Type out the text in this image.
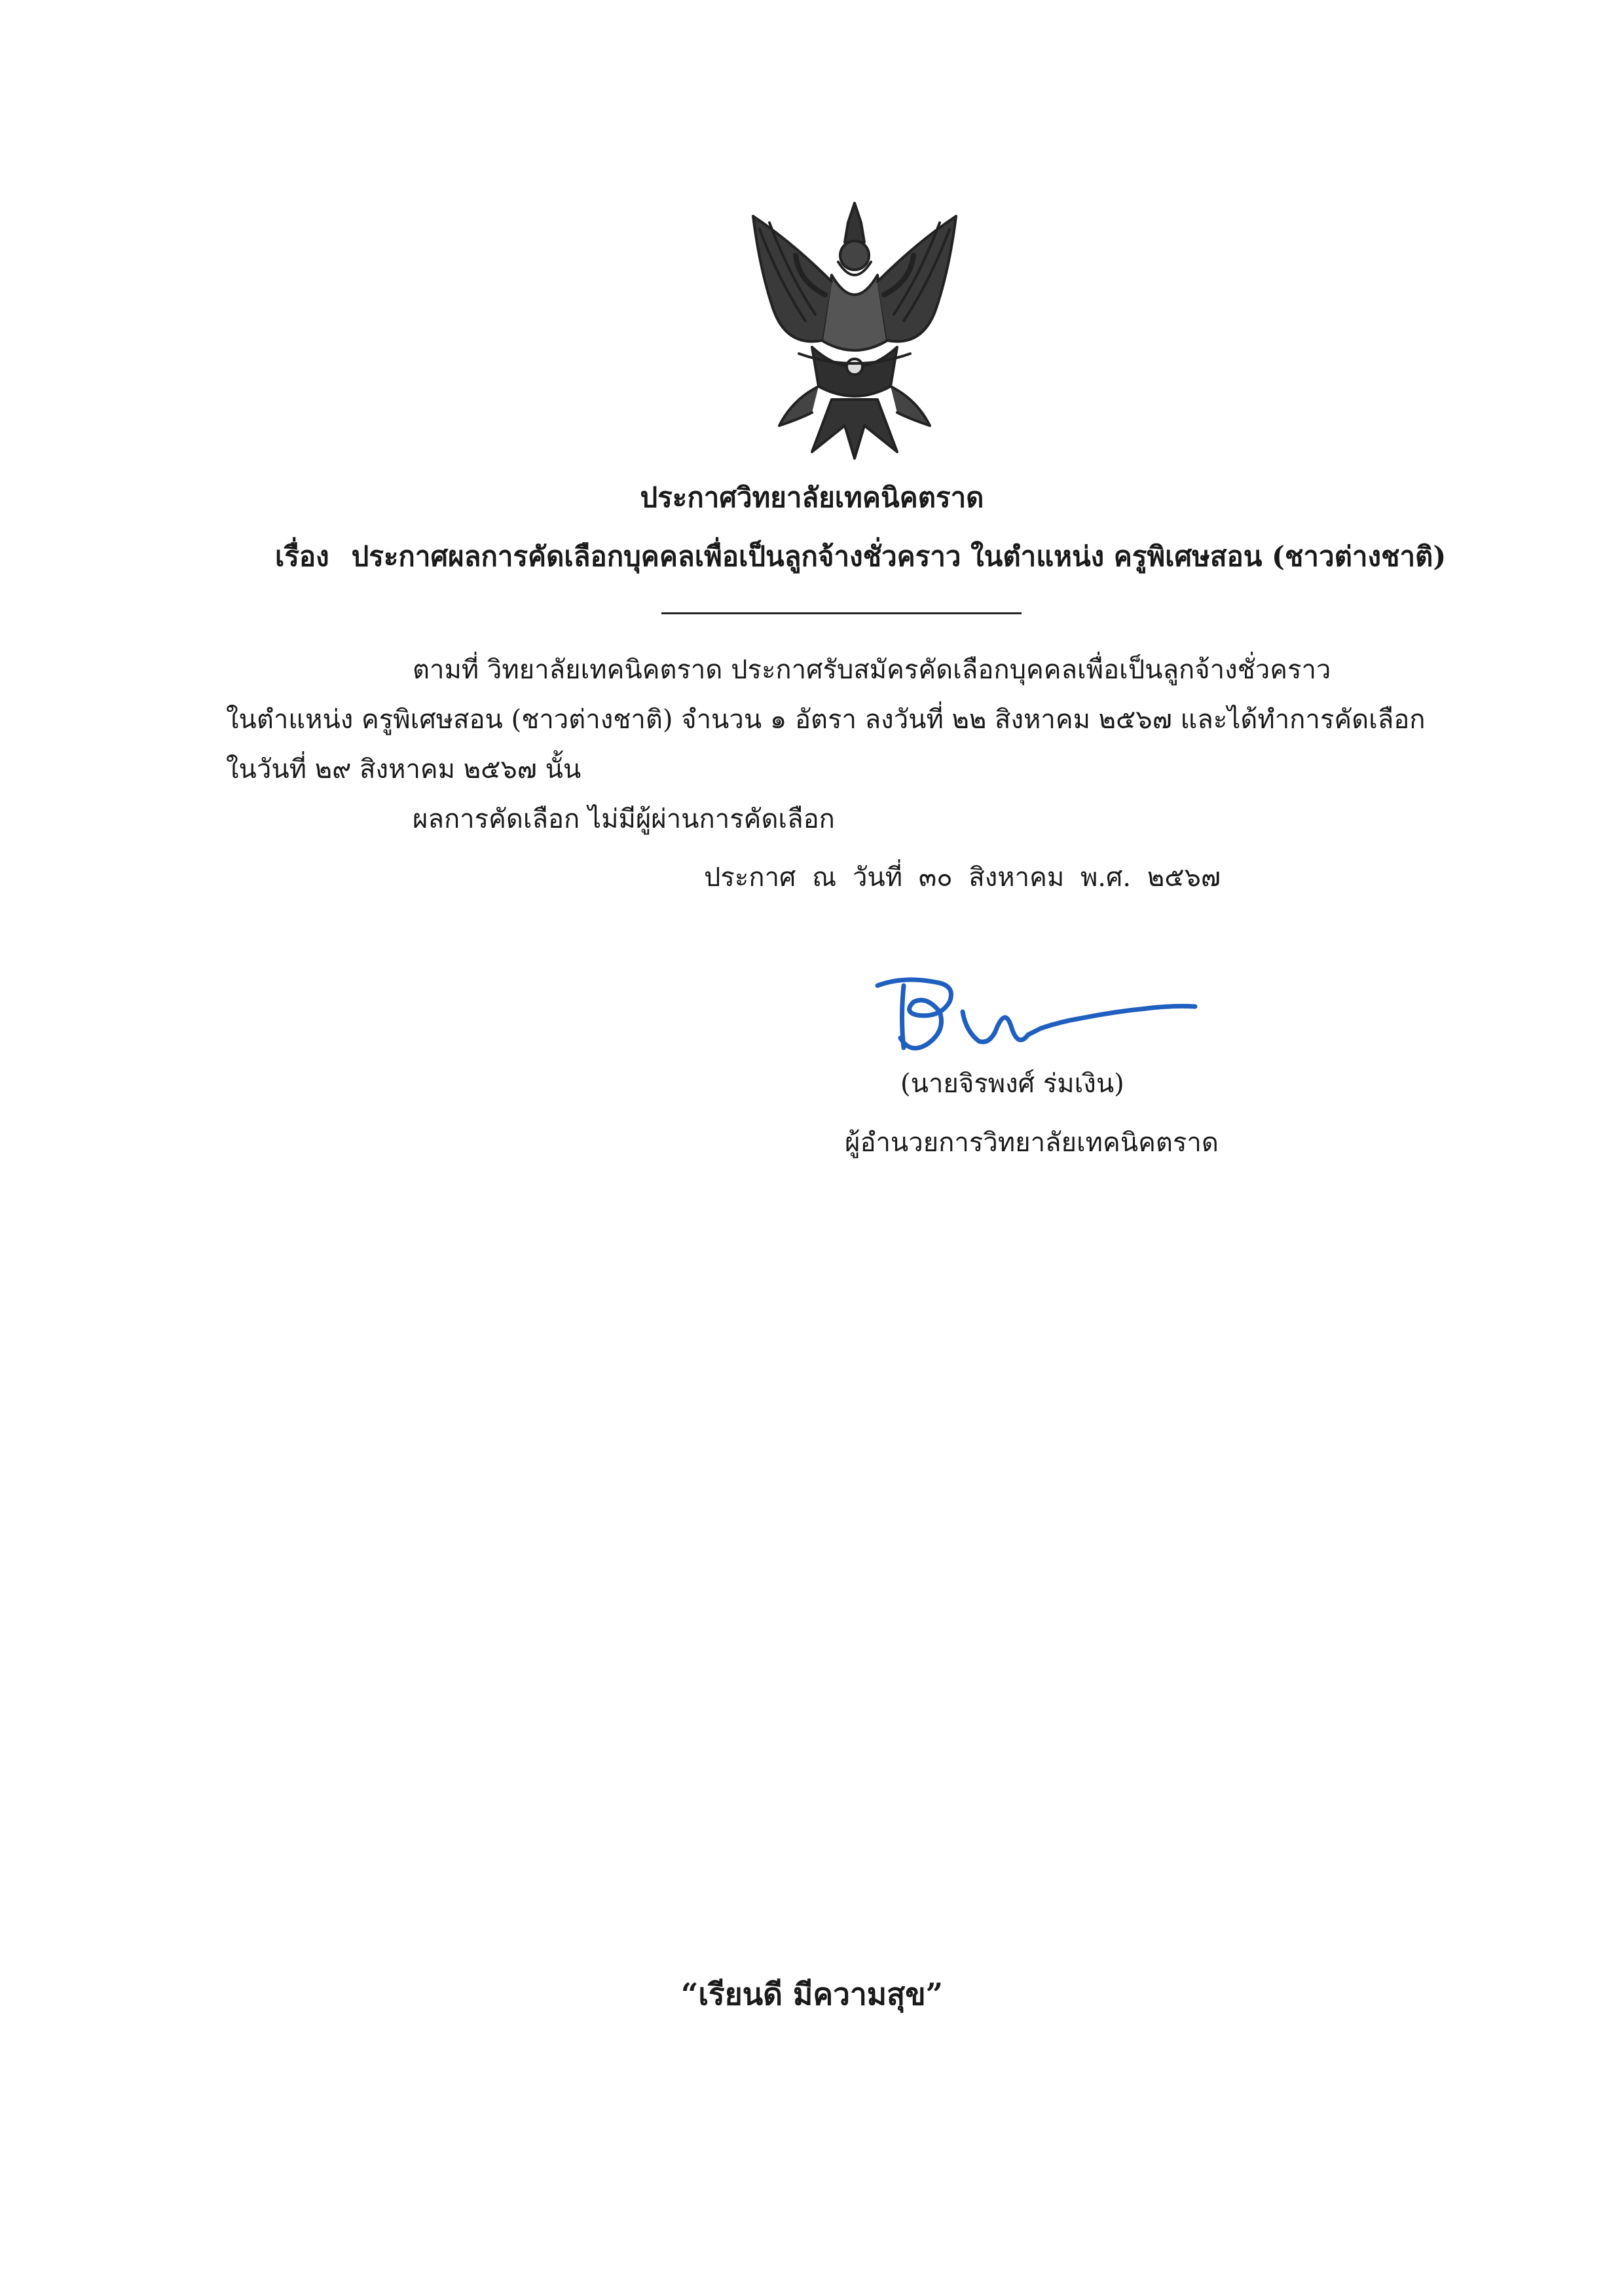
ประกาศวิทยาลัยเทคนิคตราด
เรื่อง ประกาศผลการคัดเลือกบุคคลเพื่อเป็นลูกจ้างชั่วคราว ในตำแหน่ง ครูพิเศษสอน (ชาวต่างชาติ)

ตามที่ วิทยาลัยเทคนิคตราด ประกาศรับสมัครคัดเลือกบุคคลเพื่อเป็นลูกจ้างชั่วคราว

ในตำแหน่ง ครูพิเศษสอน (ชาวต่างชาติ) จำนวน ๑ อัตรา ลงวันที่ ๒๒ สิงหาคม ๒๕๖๗ และได้ทำการคัดเลือก

ในวันที่ ๒๙ สิงหาคม ๒๕๖๗ นั้น

ผลการคัดเลือก ไม่มีผู้ผ่านการคัดเลือก

ประกาศ ณ วันที่ ๓๐ สิงหาคม พ.ศ. ๒๕๖๗
(นายจิรพงศ์ ร่มเงิน)
ผู้อำนวยการวิทยาลัยเทคนิคตราด
“เรียนดี มีความสุข”
